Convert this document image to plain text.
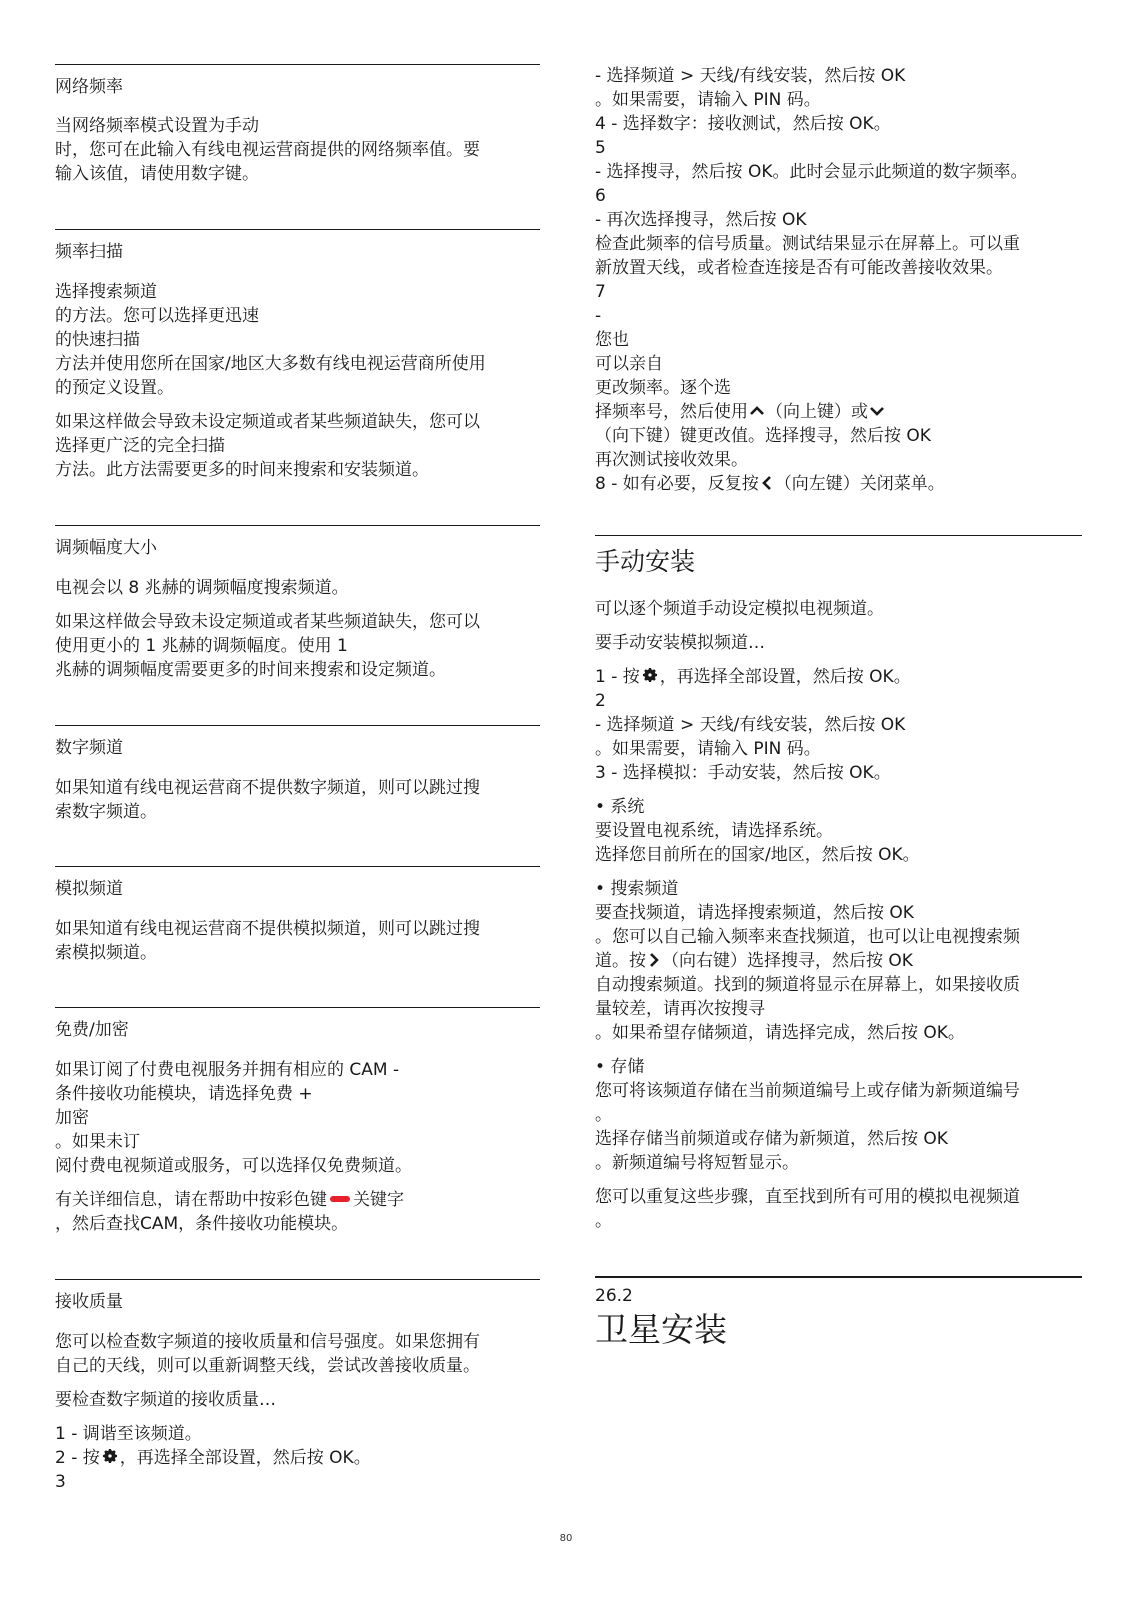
网络频率
当网络频率模式设置为手动
时，您可在此输入有线电视运营商提供的网络频率值。要
输入该值，请使用数字键。
频率扫描
选择搜索频道
的方法。您可以选择更迅速
的快速扫描
方法并使用您所在国家/地区大多数有线电视运营商所使用
的预定义设置。
如果这样做会导致未设定频道或者某些频道缺失，您可以
选择更广泛的完全扫描
方法。此方法需要更多的时间来搜索和安装频道。
调频幅度大小
电视会以 8 兆赫的调频幅度搜索频道。
如果这样做会导致未设定频道或者某些频道缺失，您可以
使用更小的 1 兆赫的调频幅度。使用 1
兆赫的调频幅度需要更多的时间来搜索和设定频道。
数字频道
如果知道有线电视运营商不提供数字频道，则可以跳过搜
索数字频道。
模拟频道
如果知道有线电视运营商不提供模拟频道，则可以跳过搜
索模拟频道。
免费/加密
如果订阅了付费电视服务并拥有相应的 CAM -
条件接收功能模块，请选择免费 +
加密
。如果未订
阅付费电视频道或服务，可以选择仅免费频道。
有关详细信息，请在帮助中按彩色键 关键字
，然后查找CAM，条件接收功能模块。
接收质量
您可以检查数字频道的接收质量和信号强度。如果您拥有
自己的天线，则可以重新调整天线，尝试改善接收质量。
要检查数字频道的接收质量…
1 - 调谐至该频道。
2 - 按 ，再选择全部设置，然后按 OK。
3
- 选择频道 > 天线/有线安装，然后按 OK
。如果需要，请输入 PIN 码。
4 - 选择数字：接收测试，然后按 OK。
5
- 选择搜寻，然后按 OK。此时会显示此频道的数字频率。
6
- 再次选择搜寻，然后按 OK
检查此频率的信号质量。测试结果显示在屏幕上。可以重
新放置天线，或者检查连接是否有可能改善接收效果。
7
-
您也
可以亲自
更改频率。逐个选
择频率号，然后使用 （向上键）或
（向下键）键更改值。选择搜寻，然后按 OK
再次测试接收效果。
8 - 如有必要，反复按 （向左键）关闭菜单。
手动安装
可以逐个频道手动设定模拟电视频道。
要手动安装模拟频道…
1 - 按 ，再选择全部设置，然后按 OK。
2
- 选择频道 > 天线/有线安装，然后按 OK
。如果需要，请输入 PIN 码。
3 - 选择模拟：手动安装，然后按 OK。
• 系统
要设置电视系统，请选择系统。
选择您目前所在的国家/地区，然后按 OK。
• 搜索频道
要查找频道，请选择搜索频道，然后按 OK
。您可以自己输入频率来查找频道，也可以让电视搜索频
道。按 （向右键）选择搜寻，然后按 OK
自动搜索频道。找到的频道将显示在屏幕上，如果接收质
量较差，请再次按搜寻
。如果希望存储频道，请选择完成，然后按 OK。
• 存储
您可将该频道存储在当前频道编号上或存储为新频道编号
。
选择存储当前频道或存储为新频道，然后按 OK
。新频道编号将短暂显示。
您可以重复这些步骤，直至找到所有可用的模拟电视频道
。
26.2
卫星安装
80
